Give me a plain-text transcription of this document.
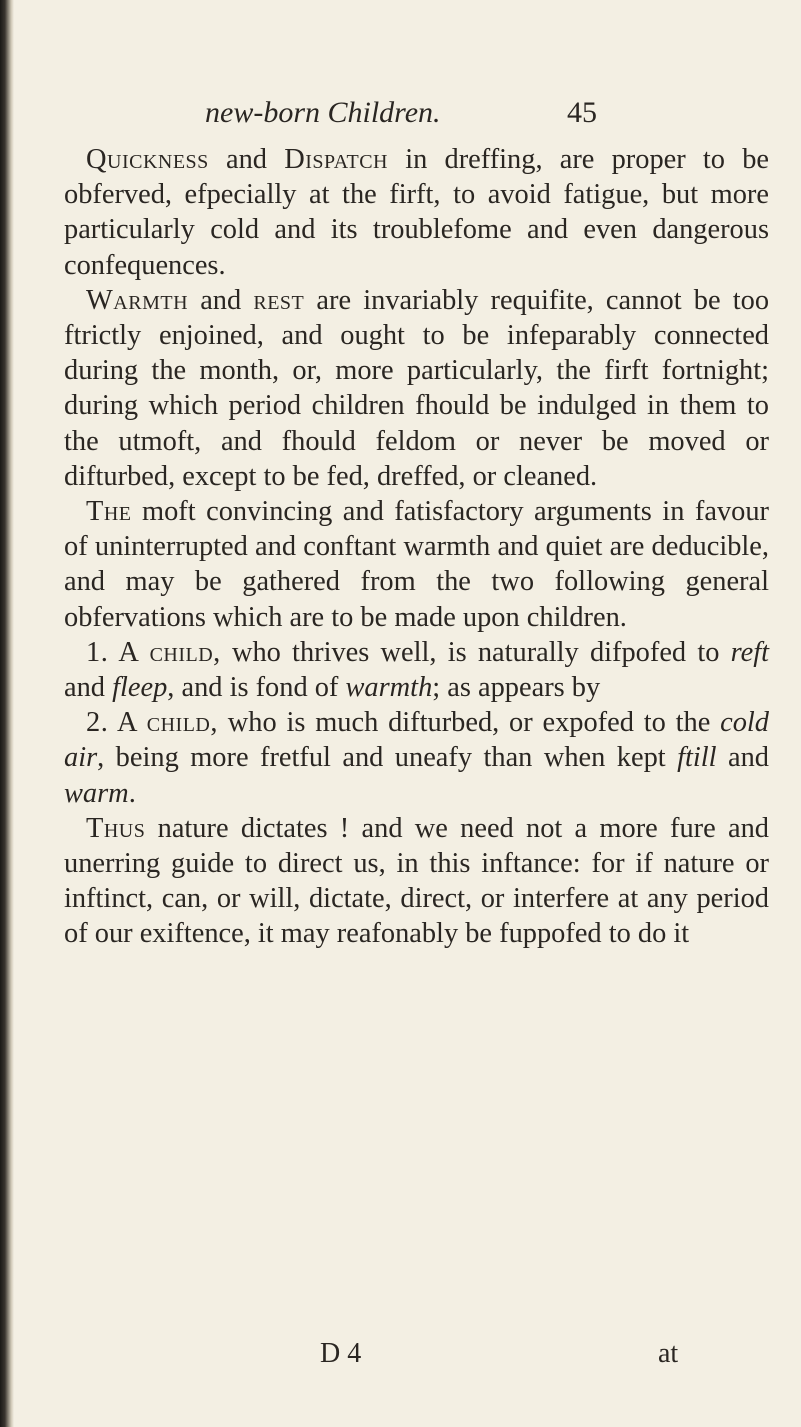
new-born Children.	45

Quickness and Dispatch in dreffing, are proper to be obferved, efpecially at the firft, to avoid fatigue, but more particularly cold and its troublefome and even dangerous confequences.

Warmth and rest are invariably requifite, cannot be too ftrictly enjoined, and ought to be infeparably connected during the month, or, more particularly, the firft fortnight; during which period children fhould be indulged in them to the utmoft, and fhould feldom or never be moved or difturbed, except to be fed, dreffed, or cleaned.

The moft convincing and fatisfactory arguments in favour of uninterrupted and conftant warmth and quiet are deducible, and may be gathered from the two following general obfervations which are to be made upon children.

1. A child, who thrives well, is naturally difpofed to reft and fleep, and is fond of warmth; as appears by

2. A child, who is much difturbed, or expofed to the cold air, being more fretful and uneafy than when kept ftill and warm.

Thus nature dictates ! and we need not a more fure and unerring guide to direct us, in this inftance: for if nature or inftinct, can, or will, dictate, direct, or interfere at any period of our exiftence, it may reafonably be fuppofed to do it

D 4	at
